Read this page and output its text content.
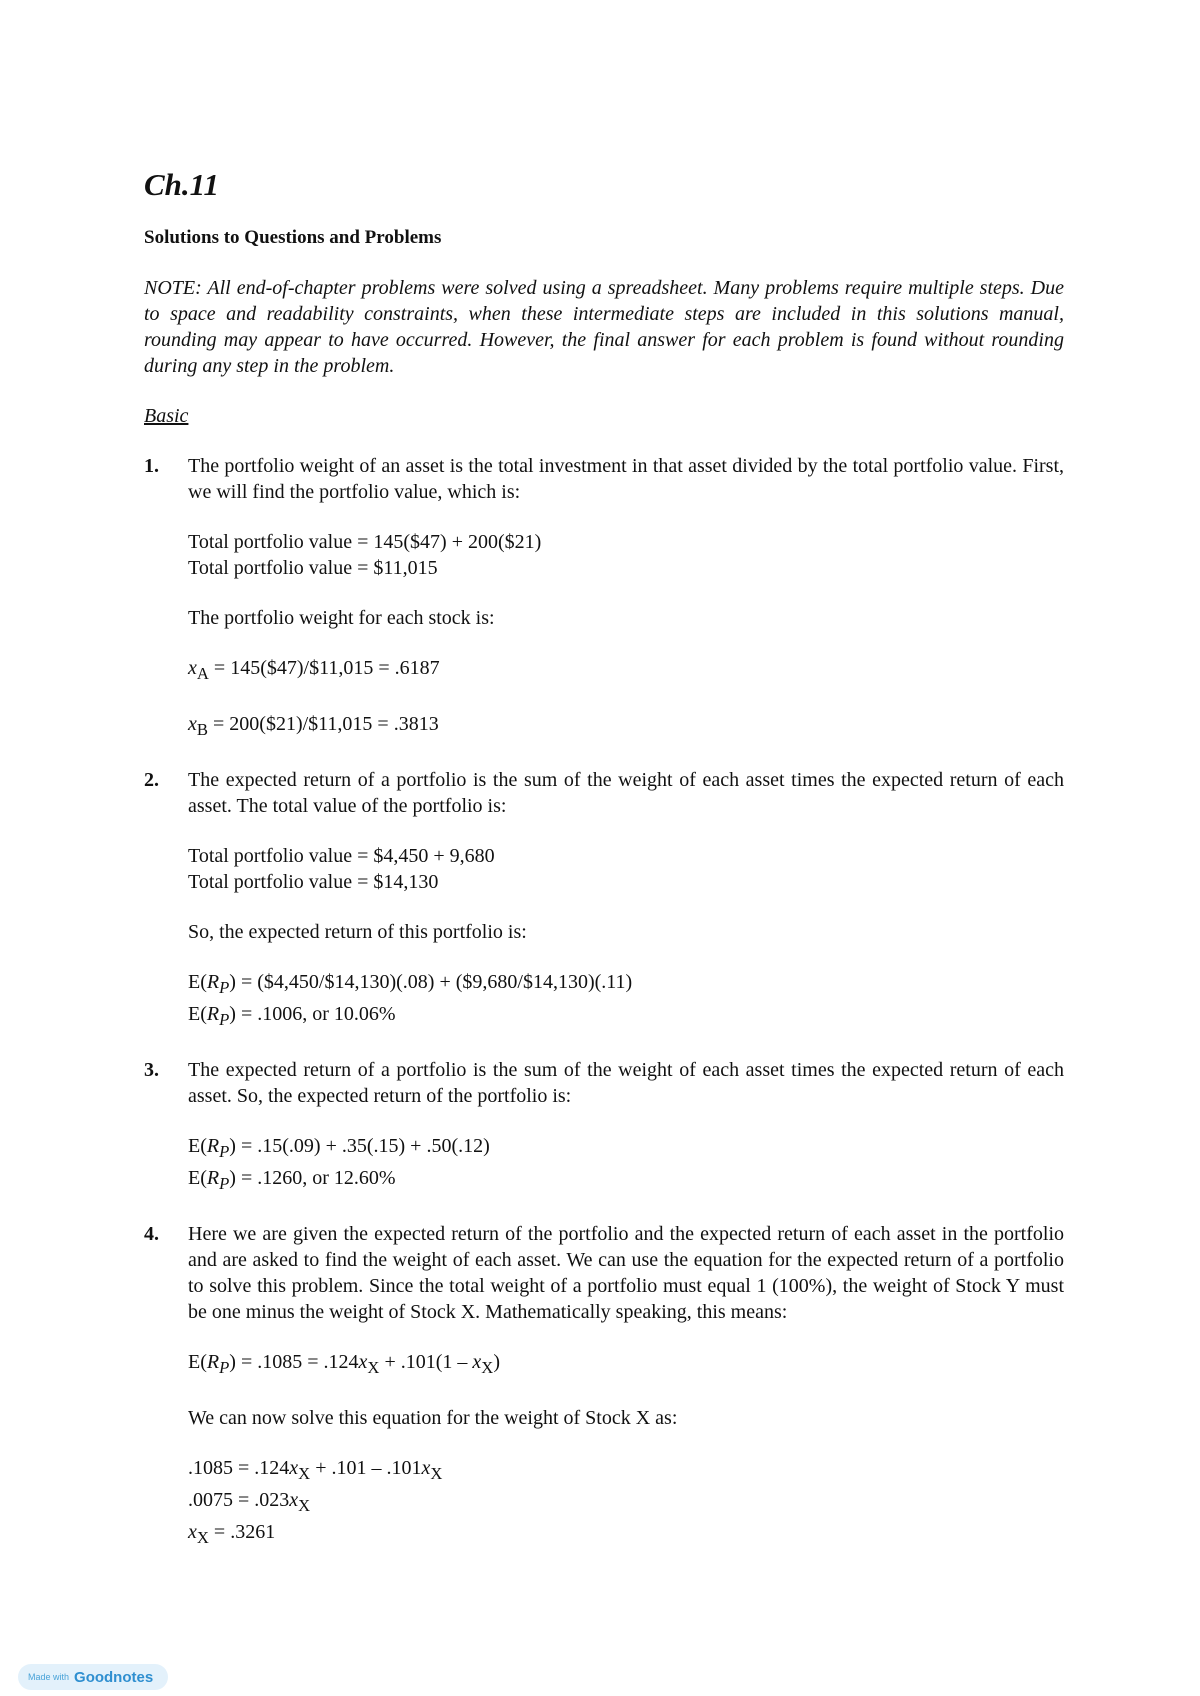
Ch.11
Solutions to Questions and Problems

NOTE: All end-of-chapter problems were solved using a spreadsheet. Many problems require multiple steps. Due to space and readability constraints, when these intermediate steps are included in this solutions manual, rounding may appear to have occurred. However, the final answer for each problem is found without rounding during any step in the problem.

Basic
1. The portfolio weight of an asset is the total investment in that asset divided by the total portfolio value. First, we will find the portfolio value, which is:

Total portfolio value = 145($47) + 200($21)
Total portfolio value = $11,015

The portfolio weight for each stock is:

$x_A$ = 145($47)/$11,015 = .6187
$x_B$ = 200($21)/$11,015 = .3813
2. The expected return of a portfolio is the sum of the weight of each asset times the expected return of each asset. The total value of the portfolio is:

Total portfolio value = $4,450 + 9,680
Total portfolio value = $14,130

So, the expected return of this portfolio is:

$E(R_P)$ = ($4,450/$14,130)(.08) + ($9,680/$14,130)(.11)
$E(R_P) = .1006$, or 10.06%
3. The expected return of a portfolio is the sum of the weight of each asset times the expected return of each asset. So, the expected return of the portfolio is:

$E(R_P) = .15(.09) + .35(.15) + .50(.12)$
$E(R_P) = .1260$, or 12.60%
4. Here we are given the expected return of the portfolio and the expected return of each asset in the portfolio and are asked to find the weight of each asset. We can use the equation for the expected return of a portfolio to solve this problem. Since the total weight of a portfolio must equal 1 (100%), the weight of Stock Y must be one minus the weight of Stock X. Mathematically speaking, this means:

$E(R_P) = .1085 = .124x_X + .101(1 - x_X)$

We can now solve this equation for the weight of Stock X as:

$.1085 = .124x_X + .101 - .101x_X$
$.0075 = .023x_X$
$x_X = .3261$
Made with Goodnotes
